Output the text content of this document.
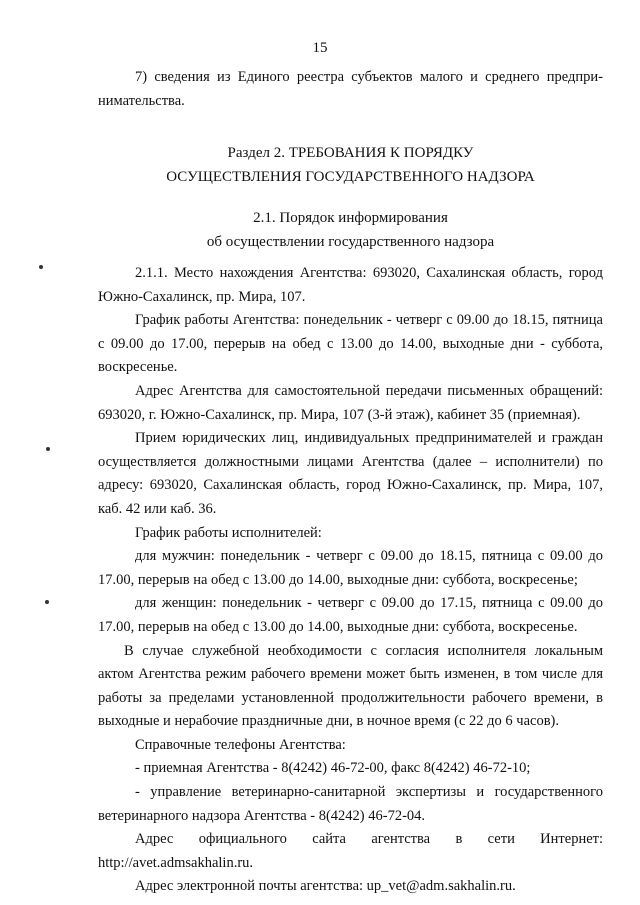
15

7) сведения из Единого реестра субъектов малого и среднего предпри-

нимательства.

Раздел 2. ТРЕБОВАНИЯ К ПОРЯДКУ
ОСУЩЕСТВЛЕНИЯ ГОСУДАРСТВЕННОГО НАДЗОРА
2.1. Порядок информирования
об осуществлении государственного надзора

2.1.1. Место нахождения Агентства: 693020, Сахалинская область, город Южно-Сахалинск, пр. Мира, 107.

График работы Агентства: понедельник - четверг с 09.00 до 18.15, пятница с 09.00 до 17.00, перерыв на обед с 13.00 до 14.00, выходные дни - суббота, воскресенье.

Адрес Агентства для самостоятельной передачи письменных обращений: 693020, г. Южно-Сахалинск, пр. Мира, 107 (3-й этаж), кабинет 35 (приемная).

Прием юридических лиц, индивидуальных предпринимателей и граждан осуществляется должностными лицами Агентства (далее – исполнители) по адресу: 693020, Сахалинская область, город Южно-Сахалинск, пр. Мира, 107, каб. 42 или каб. 36.

График работы исполнителей:

для мужчин: понедельник - четверг с 09.00 до 18.15, пятница с 09.00 до 17.00, перерыв на обед с 13.00 до 14.00, выходные дни: суббота, воскресенье;

для женщин: понедельник - четверг с 09.00 до 17.15, пятница с 09.00 до 17.00, перерыв на обед с 13.00 до 14.00, выходные дни: суббота, воскресенье.

В случае служебной необходимости с согласия исполнителя локальным актом Агентства режим рабочего времени может быть изменен, в том числе для работы за пределами установленной продолжительности рабочего времени, в выходные и нерабочие праздничные дни, в ночное время (с 22 до 6 часов).

Справочные телефоны Агентства:

- приемная Агентства - 8(4242) 46-72-00, факс 8(4242) 46-72-10;

- управление ветеринарно-санитарной экспертизы и государственного ветеринарного надзора Агентства - 8(4242) 46-72-04.

Адрес официального сайта агентства в сети Интернет:

http://avet.admsakhalin.ru.

Адрес электронной почты агентства: up_vet@adm.sakhalin.ru.
